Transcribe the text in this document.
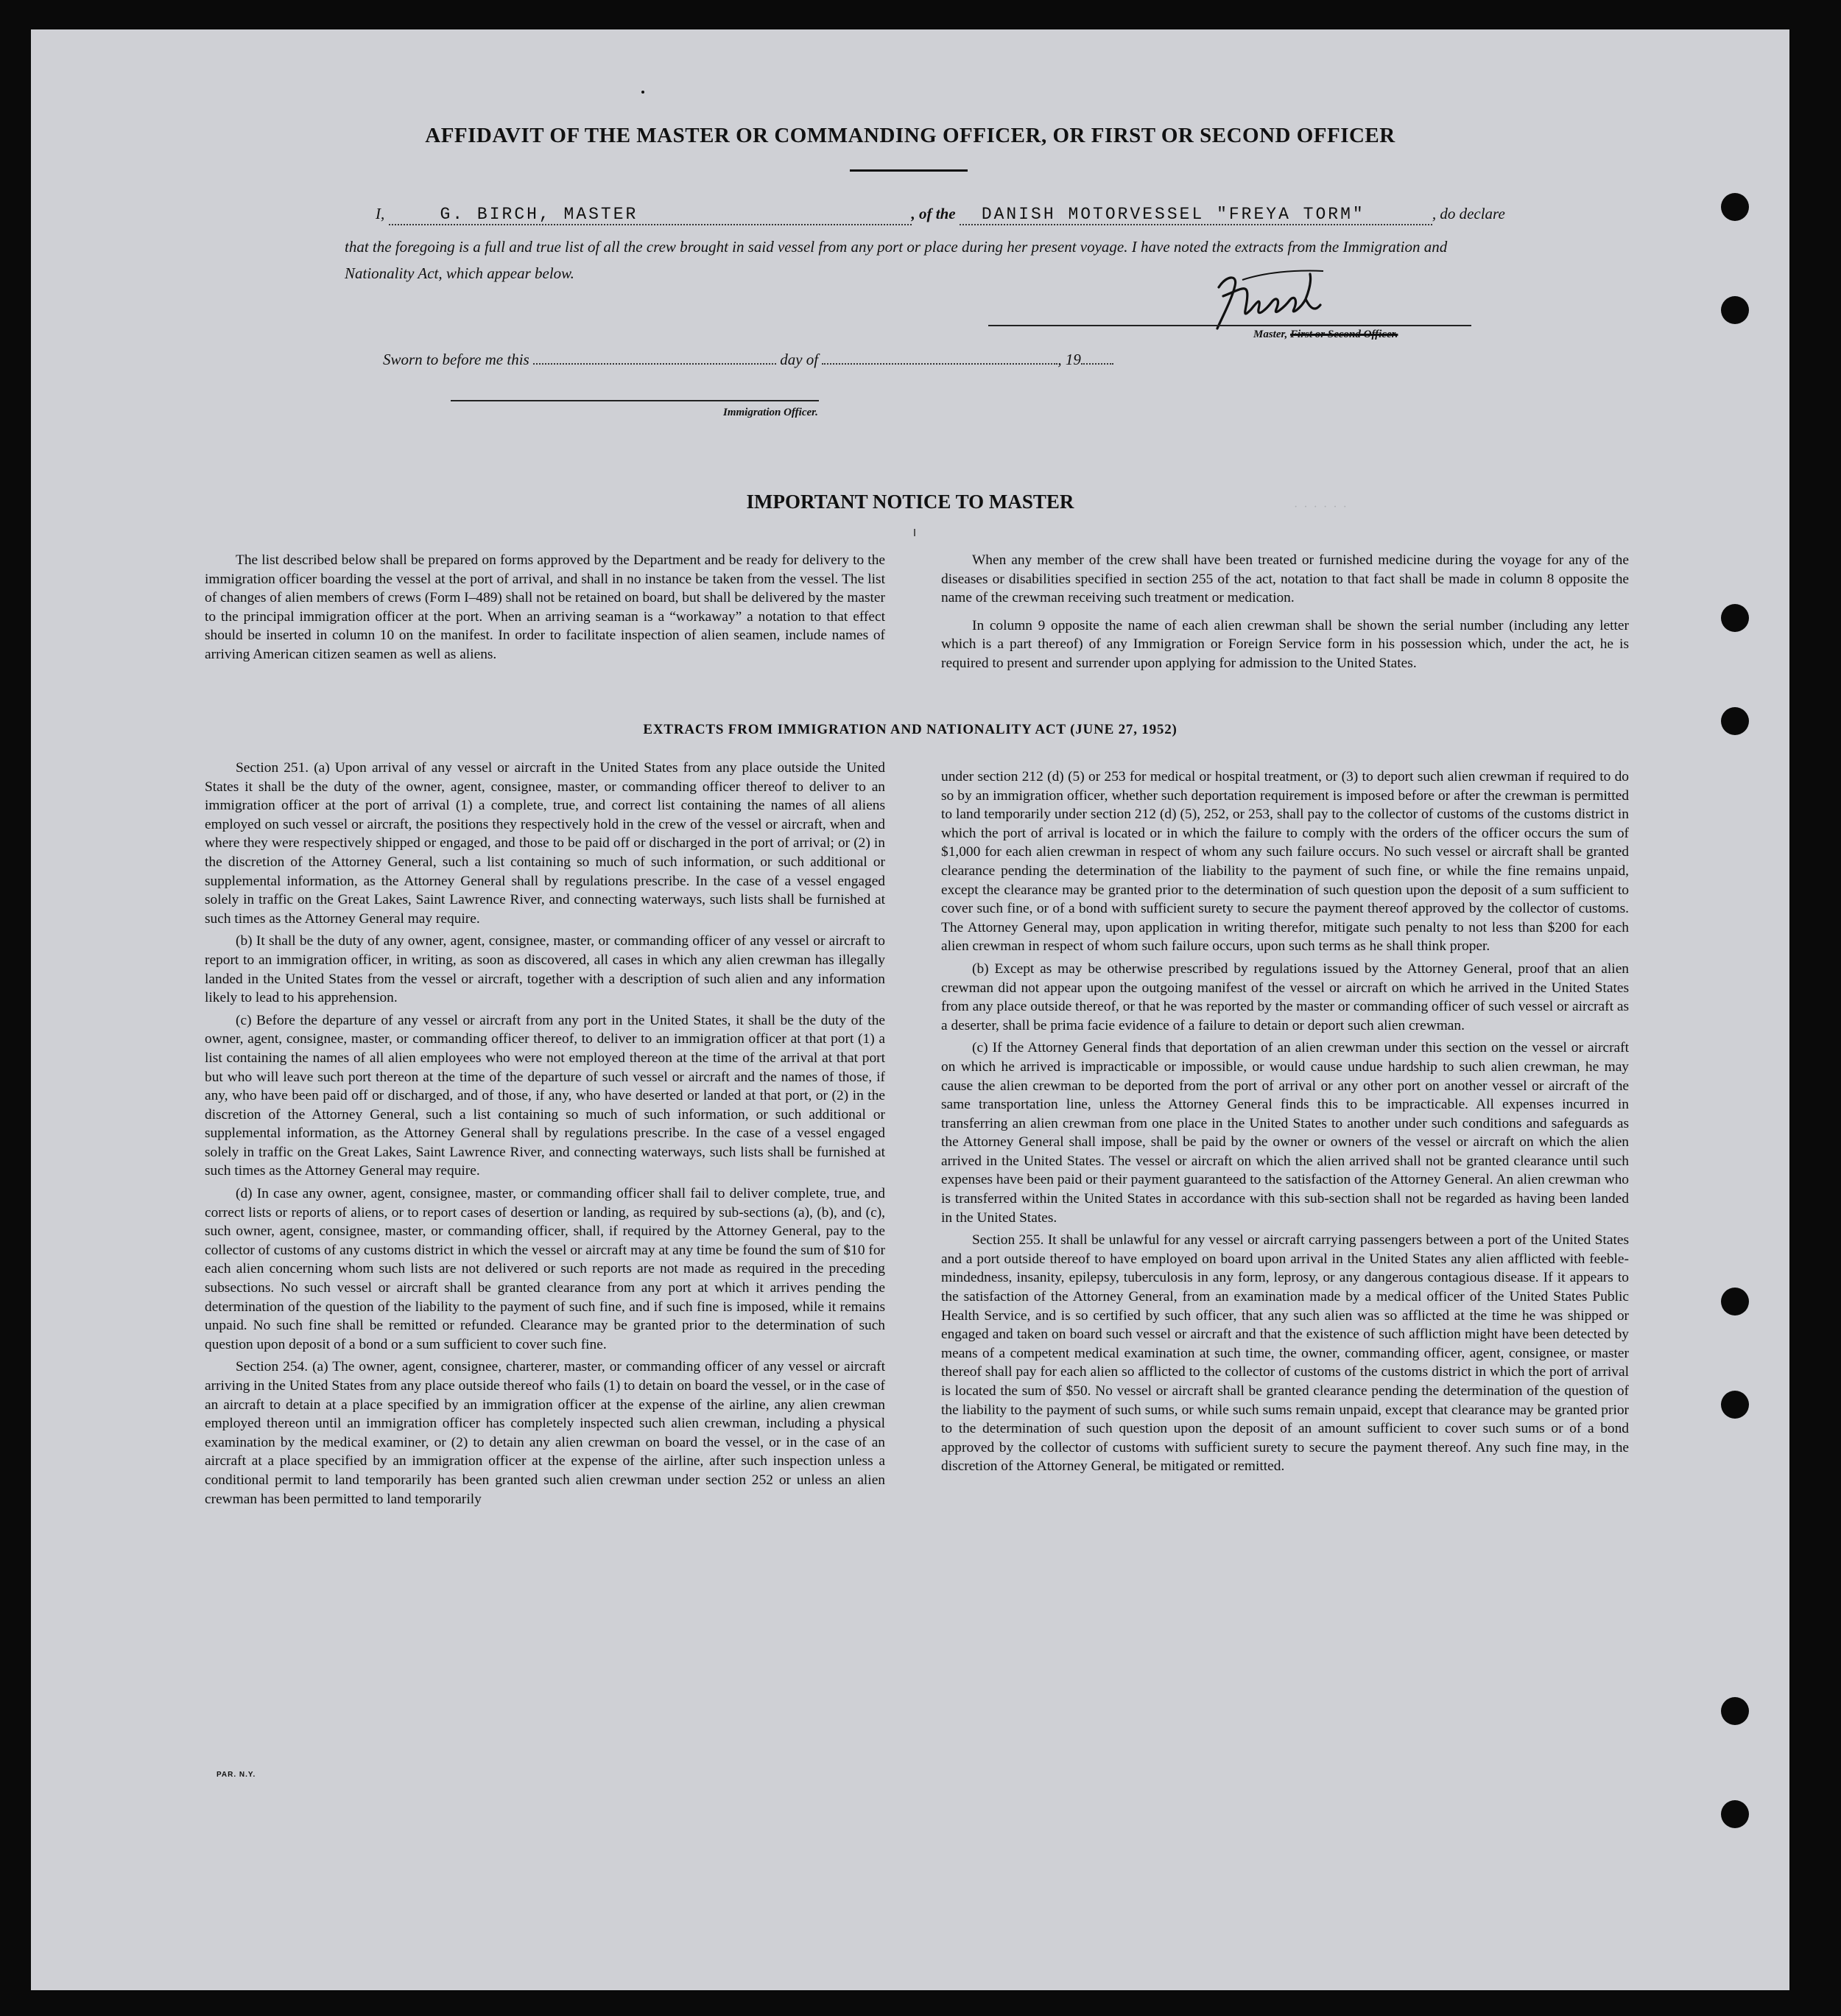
AFFIDAVIT OF THE MASTER OR COMMANDING OFFICER, OR FIRST OR SECOND OFFICER
I,	G. BIRCH, MASTER	, of the DANISH MOTORVESSEL "FREYA TORM"	, do declare
that the foregoing is a full and true list of all the crew brought in said vessel from any port or place during her present voyage. I have noted the extracts from the Immigration and Nationality Act, which appear below.
Master, First or Second Officer.
Sworn to before me this	day of	, 19
Immigration Officer.
IMPORTANT NOTICE TO MASTER	· · · · · ·

The list described below shall be prepared on forms approved by the Department and be ready for delivery to the immigration officer boarding the vessel at the port of arrival, and shall in no instance be taken from the vessel. The list of changes of alien members of crews (Form I–489) shall not be retained on board, but shall be delivered by the master to the principal immigration officer at the port. When an arriving seaman is a “workaway” a notation to that effect should be inserted in column 10 on the manifest. In order to facilitate inspection of alien seamen, include names of arriving American citizen seamen as well as aliens.

When any member of the crew shall have been treated or furnished medicine during the voyage for any of the diseases or disabilities specified in section 255 of the act, notation to that fact shall be made in column 8 opposite the name of the crewman receiving such treatment or medication.

In column 9 opposite the name of each alien crewman shall be shown the serial number (including any letter which is a part thereof) of any Immigration or Foreign Service form in his possession which, under the act, he is required to present and surrender upon applying for admission to the United States.

EXTRACTS FROM IMMIGRATION AND NATIONALITY ACT (JUNE 27, 1952)

Section 251. (a) Upon arrival of any vessel or aircraft in the United States from any place outside the United States it shall be the duty of the owner, agent, consignee, master, or commanding officer thereof to deliver to an immigration officer at the port of arrival (1) a complete, true, and correct list containing the names of all aliens employed on such vessel or aircraft, the positions they respectively hold in the crew of the vessel or aircraft, when and where they were respectively shipped or engaged, and those to be paid off or discharged in the port of arrival; or (2) in the discretion of the Attorney General, such a list containing so much of such information, or such additional or supplemental information, as the Attorney General shall by regulations prescribe. In the case of a vessel engaged solely in traffic on the Great Lakes, Saint Lawrence River, and connecting waterways, such lists shall be furnished at such times as the Attorney General may require.

(b) It shall be the duty of any owner, agent, consignee, master, or commanding officer of any vessel or aircraft to report to an immigration officer, in writing, as soon as discovered, all cases in which any alien crewman has illegally landed in the United States from the vessel or aircraft, together with a description of such alien and any information likely to lead to his apprehension.

(c) Before the departure of any vessel or aircraft from any port in the United States, it shall be the duty of the owner, agent, consignee, master, or commanding officer thereof, to deliver to an immigration officer at that port (1) a list containing the names of all alien employees who were not employed thereon at the time of the arrival at that port but who will leave such port thereon at the time of the departure of such vessel or aircraft and the names of those, if any, who have been paid off or discharged, and of those, if any, who have deserted or landed at that port, or (2) in the discretion of the Attorney General, such a list containing so much of such information, or such additional or supplemental information, as the Attorney General shall by regulations prescribe. In the case of a vessel engaged solely in traffic on the Great Lakes, Saint Lawrence River, and connecting waterways, such lists shall be furnished at such times as the Attorney General may require.

(d) In case any owner, agent, consignee, master, or commanding officer shall fail to deliver complete, true, and correct lists or reports of aliens, or to report cases of desertion or landing, as required by sub-sections (a), (b), and (c), such owner, agent, consignee, master, or commanding officer, shall, if required by the Attorney General, pay to the collector of customs of any customs district in which the vessel or aircraft may at any time be found the sum of $10 for each alien concerning whom such lists are not delivered or such reports are not made as required in the preceding subsections. No such vessel or aircraft shall be granted clearance from any port at which it arrives pending the determination of the question of the liability to the payment of such fine, and if such fine is imposed, while it remains unpaid. No such fine shall be remitted or refunded. Clearance may be granted prior to the determination of such question upon deposit of a bond or a sum sufficient to cover such fine.

Section 254. (a) The owner, agent, consignee, charterer, master, or commanding officer of any vessel or aircraft arriving in the United States from any place outside thereof who fails (1) to detain on board the vessel, or in the case of an aircraft to detain at a place specified by an immigration officer at the expense of the airline, any alien crewman employed thereon until an immigration officer has completely inspected such alien crewman, including a physical examination by the medical examiner, or (2) to detain any alien crewman on board the vessel, or in the case of an aircraft at a place specified by an immigration officer at the expense of the airline, after such inspection unless a conditional permit to land temporarily has been granted such alien crewman under section 252 or unless an alien crewman has been permitted to land temporarily

under section 212 (d) (5) or 253 for medical or hospital treatment, or (3) to deport such alien crewman if required to do so by an immigration officer, whether such deportation requirement is imposed before or after the crewman is permitted to land temporarily under section 212 (d) (5), 252, or 253, shall pay to the collector of customs of the customs district in which the port of arrival is located or in which the failure to comply with the orders of the officer occurs the sum of $1,000 for each alien crewman in respect of whom any such failure occurs. No such vessel or aircraft shall be granted clearance pending the determination of the liability to the payment of such fine, or while the fine remains unpaid, except the clearance may be granted prior to the determination of such question upon the deposit of a sum sufficient to cover such fine, or of a bond with sufficient surety to secure the payment thereof approved by the collector of customs. The Attorney General may, upon application in writing therefor, mitigate such penalty to not less than $200 for each alien crewman in respect of whom such failure occurs, upon such terms as he shall think proper.

(b) Except as may be otherwise prescribed by regulations issued by the Attorney General, proof that an alien crewman did not appear upon the outgoing manifest of the vessel or aircraft on which he arrived in the United States from any place outside thereof, or that he was reported by the master or commanding officer of such vessel or aircraft as a deserter, shall be prima facie evidence of a failure to detain or deport such alien crewman.

(c) If the Attorney General finds that deportation of an alien crewman under this section on the vessel or aircraft on which he arrived is impracticable or impossible, or would cause undue hardship to such alien crewman, he may cause the alien crewman to be deported from the port of arrival or any other port on another vessel or aircraft of the same transportation line, unless the Attorney General finds this to be impracticable. All expenses incurred in transferring an alien crewman from one place in the United States to another under such conditions and safeguards as the Attorney General shall impose, shall be paid by the owner or owners of the vessel or aircraft on which the alien arrived in the United States. The vessel or aircraft on which the alien arrived shall not be granted clearance until such expenses have been paid or their payment guaranteed to the satisfaction of the Attorney General. An alien crewman who is transferred within the United States in accordance with this sub-section shall not be regarded as having been landed in the United States.

Section 255. It shall be unlawful for any vessel or aircraft carrying passengers between a port of the United States and a port outside thereof to have employed on board upon arrival in the United States any alien afflicted with feeble-mindedness, insanity, epilepsy, tuberculosis in any form, leprosy, or any dangerous contagious disease. If it appears to the satisfaction of the Attorney General, from an examination made by a medical officer of the United States Public Health Service, and is so certified by such officer, that any such alien was so afflicted at the time he was shipped or engaged and taken on board such vessel or aircraft and that the existence of such affliction might have been detected by means of a competent medical examination at such time, the owner, commanding officer, agent, consignee, or master thereof shall pay for each alien so afflicted to the collector of customs of the customs district in which the port of arrival is located the sum of $50. No vessel or aircraft shall be granted clearance pending the determination of the question of the liability to the payment of such sums, or while such sums remain unpaid, except that clearance may be granted prior to the determination of such question upon the deposit of an amount sufficient to cover such sums or of a bond approved by the collector of customs with sufficient surety to secure the payment thereof. Any such fine may, in the discretion of the Attorney General, be mitigated or remitted.

PAR. N.Y.
